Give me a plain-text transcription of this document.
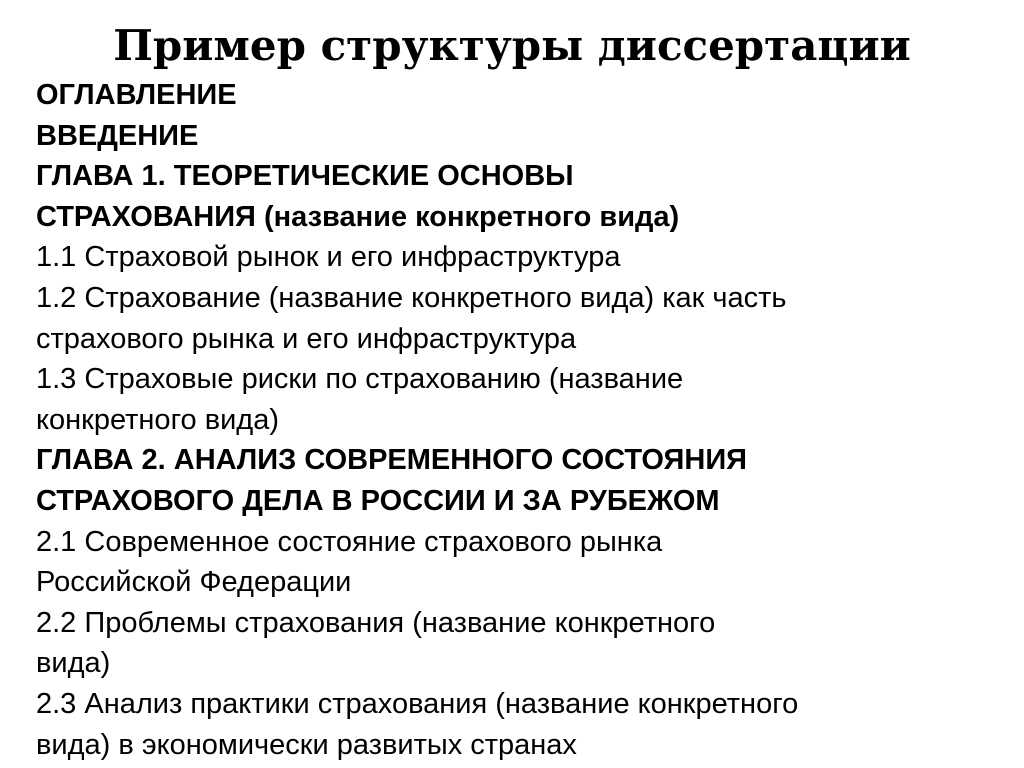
Пример структуры диссертации
ОГЛАВЛЕНИЕ
ВВЕДЕНИЕ
ГЛАВА 1. ТЕОРЕТИЧЕСКИЕ ОСНОВЫ
СТРАХОВАНИЯ (название конкретного вида)
1.1 Страховой рынок и его инфраструктура
1.2 Страхование (название конкретного вида) как часть
страхового рынка и его инфраструктура
1.3 Страховые риски по страхованию (название
конкретного вида)
ГЛАВА 2. АНАЛИЗ СОВРЕМЕННОГО СОСТОЯНИЯ
СТРАХОВОГО ДЕЛА В РОССИИ И ЗА РУБЕЖОМ
2.1 Современное состояние страхового рынка
Российской Федерации
2.2 Проблемы страхования (название конкретного
вида)
2.3 Анализ практики страхования (название конкретного
вида) в экономически развитых странах
